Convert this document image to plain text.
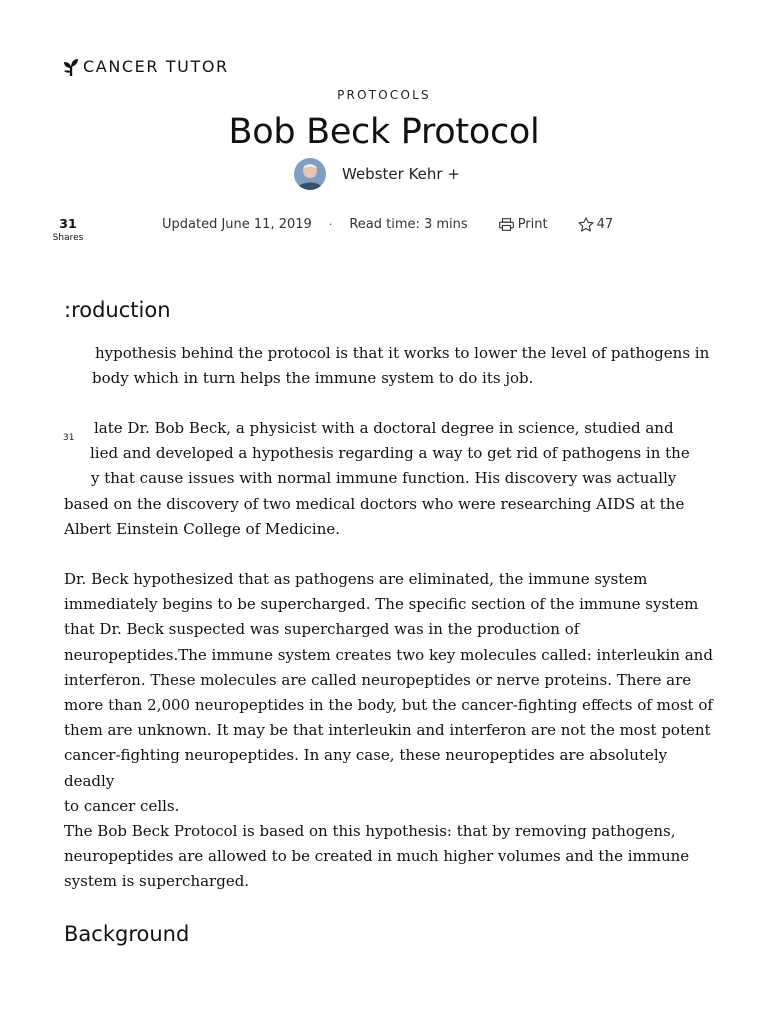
CANCER TUTOR
PROTOCOLS
Bob Beck Protocol
Webster Kehr +
31
Shares
Updated June 11, 2019 · Read time: 3 mins	Print	47
:roduction

hypothesis behind the protocol is that it works to lower the level of pathogens in
body which in turn helps the immune system to do its job.

late Dr. Bob Beck, a physicist with a doctoral degree in science, studied and
lied and developed a hypothesis regarding a way to get rid of pathogens in the
y that cause issues with normal immune function. His discovery was actually
based on the discovery of two medical doctors who were researching AIDS at the
Albert Einstein College of Medicine.

31

Dr. Beck hypothesized that as pathogens are eliminated, the immune system
immediately begins to be supercharged. The specific section of the immune system
that Dr. Beck suspected was supercharged was in the production of
neuropeptides.The immune system creates two key molecules called: interleukin and
interferon. These molecules are called neuropeptides or nerve proteins. There are
more than 2,000 neuropeptides in the body, but the cancer-fighting effects of most of
them are unknown. It may be that interleukin and interferon are not the most potent
cancer-fighting neuropeptides. In any case, these neuropeptides are absolutely deadly
to cancer cells.

The Bob Beck Protocol is based on this hypothesis: that by removing pathogens,
neuropeptides are allowed to be created in much higher volumes and the immune
system is supercharged.

Background
